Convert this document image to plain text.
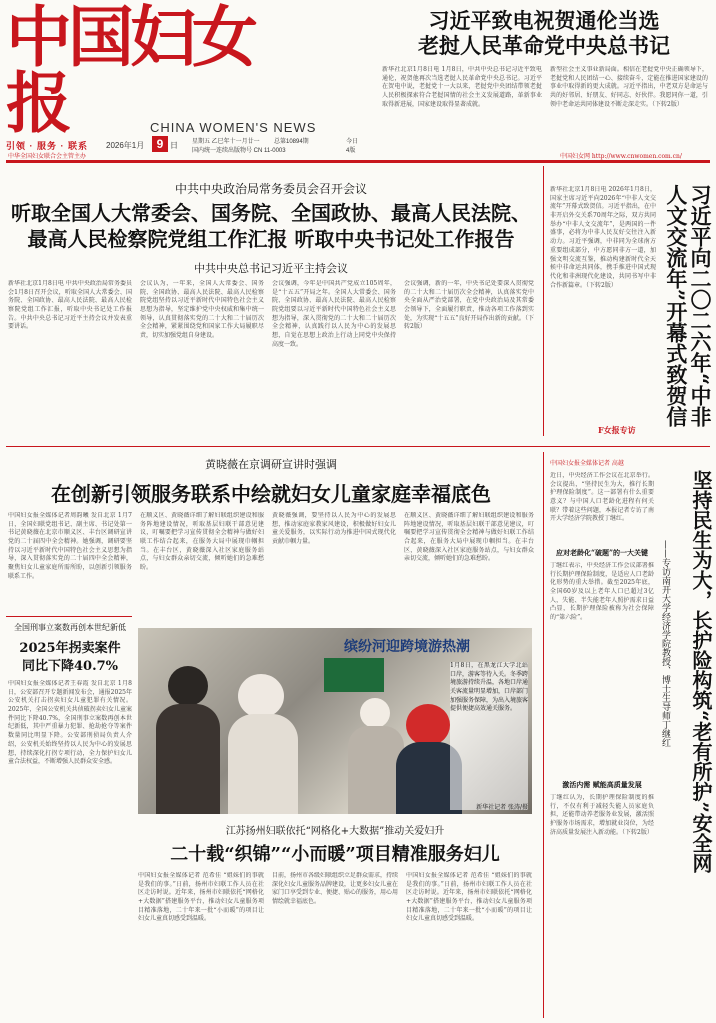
中国妇女报	CHINA WOMEN'S NEWS
引领 · 服务 · 联系 2026年1月	9 日 星期五 乙巳年十一月廿一 总第10894期
国内统一连续出版物号 CN 11-0003
今日
4版
习近平致电祝贺通伦当选
老挝人民革命党中央总书记
新华社北京1月8日电 1月8日，中共中央总书记习近平致电通伦，祝贺他再次当选老挝人民革命党中央总书记。习近平在贺电中说，老挝党十一大以来，老挝党中央团结带领老挝人民积极探索符合老挝国情的社会主义发展道路，革新事业取得新进展，国家建设取得显著成就。
新型社会主义事业新局面。相信在老挝党中央正确领导下，老挝党和人民团结一心、接续奋斗，定能在推进国家建设的事业中取得新的更大成就。习近平指出，中老双方是命运与共的好邻居、好朋友、好同志、好伙伴。我愿同你一道，引领中老命运共同体建设不断走深走实。（下转2版）
中华全国妇女联合会主管主办	中国妇女网 http://www.cnwomen.com.cn/
中共中央政治局常务委员会召开会议
听取全国人大常委会、国务院、全国政协、最高人民法院、
最高人民检察院党组工作汇报 听取中央书记处工作报告
中共中央总书记习近平主持会议
新华社北京1月8日电 中共中央政治局常务委员会1月8日召开会议，听取全国人大常委会、国务院、全国政协、最高人民法院、最高人民检察院党组工作汇报，听取中央书记处工作报告。中共中央总书记习近平主持会议并发表重要讲话。
会议认为，一年来，全国人大常委会、国务院、全国政协、最高人民法院、最高人民检察院党组坚持以习近平新时代中国特色社会主义思想为指导，坚定维护党中央权威和集中统一领导，认真贯彻落实党的二十大和二十届历次全会精神，紧紧围绕党和国家工作大局履职尽责，切实加强党组自身建设。
会议强调，今年是中国共产党成立105周年，是“十五五”开局之年。全国人大常委会、国务院、全国政协、最高人民法院、最高人民检察院党组要以习近平新时代中国特色社会主义思想为指导，深入贯彻党的二十大和二十届历次全会精神，认真践行以人民为中心的发展思想，自觉在思想上政治上行动上同党中央保持高度一致。
会议强调，新的一年，中央书记处要深入贯彻党的二十大和二十届历次全会精神，认真落实党中央全面从严治党部署，在党中央政治局及其常委会领导下，全面履行职责，推动各项工作落到实处，为实现“十五五”良好开局作出新的贡献。（下转2版）
新华社北京1月8日电 2026年1月8日，国家主席习近平向2026年“中非人文交流年”开幕式致贺信。习近平指出，在中非开启外交关系70周年之际，双方共同举办“中非人文交流年”，是两国的一件盛事，必将为中非人民友好交往注入新动力。习近平强调，中非同为全球南方重要组成部分，中方愿同非方一道，加强文明交流互鉴，推动构建新时代全天候中非命运共同体，携手推进中国式现代化和非洲现代化建设，共同书写中非合作新篇章。（下转2版）	习近平向二〇二六年“中非人文交流年”开幕式致贺信
F女报专访
黄晓薇在京调研宣讲时强调
在创新引领服务联系中绘就妇女儿童家庭幸福底色
中国妇女报全媒体记者周韵曦 发自北京 1月7日，全国妇联党组书记、副主席、书记处第一书记黄晓薇在北京市顺义区、丰台区调研宣讲党的二十届四中全会精神。她强调，调研要坚持以习近平新时代中国特色社会主义思想为指导，深入贯彻落实党的二十届四中全会精神，聚焦妇女儿童家庭所需所盼，以创新引领服务联系工作。
在顺义区、黄晓薇详细了解妇联组织建设和服务阵地建设情况，听取基层妇联干部意见建议，叮嘱要把学习宣传贯彻全会精神与做好妇联工作结合起来，在服务大局中展现巾帼担当。在丰台区，黄晓薇深入社区家庭服务站点，与妇女群众亲切交流，倾听她们的急难愁盼。
黄晓薇强调，要坚持以人民为中心的发展思想，推动家庭家教家风建设，积极做好妇女儿童关爱服务，以实际行动为推进中国式现代化贡献巾帼力量。
在顺义区、黄晓薇详细了解妇联组织建设和服务阵地建设情况，听取基层妇联干部意见建议，叮嘱要把学习宣传贯彻全会精神与做好妇联工作结合起来，在服务大局中展现巾帼担当。在丰台区，黄晓薇深入社区家庭服务站点，与妇女群众亲切交流，倾听她们的急难愁盼。
全国刑事立案数再创本世纪新低
2025年拐卖案件
同比下降40.7%
中国妇女报全媒体记者王春霞 发自北京 1月8日，公安部召开专题新闻发布会，通报2025年公安机关打击拐卖妇女儿童犯罪有关情况。2025年，全国公安机关共侦破拐卖妇女儿童案件同比下降40.7%，全国刑事立案数再创本世纪新低，其中严重暴力犯罪、抢劫抢夺等案件数量同比明显下降。公安部刑侦局负责人介绍，公安机关始终坚持以人民为中心的发展思想，持续深化打拐专项行动，全力保护妇女儿童合法权益，不断增强人民群众安全感。
缤纷河迎跨境游热潮
1月8日，在黑龙江大学北站口岸，游客等待入关。冬季跨境旅游持续升温，各地口岸通关客流量明显增加，口岸部门加强服务保障，为出入境旅客提供便捷高效通关服务。
新华社记者 张涛/摄
江苏扬州妇联依托“网格化+大数据”推动关爱妇升
二十载“织锦”“小而暖”项目精准服务妇儿
中国妇女报全媒体记者 范希佳 “姐妹们的事就是我们的事。”日前，扬州市妇联工作人员在社区走访时说。近年来，扬州市妇联依托“网格化+大数据”搭建服务平台，推动妇女儿童服务项目精准落地，二十年来一批“小而暖”的项目让妇女儿童真切感受到温暖。
目前，扬州市各级妇联组织立足群众需求，持续深化妇女儿童服务品牌建设，让更多妇女儿童在家门口享受到专业、便捷、贴心的服务，用心用情绘就幸福底色。
中国妇女报全媒体记者 范希佳 “姐妹们的事就是我们的事。”日前，扬州市妇联工作人员在社区走访时说。近年来，扬州市妇联依托“网格化+大数据”搭建服务平台，推动妇女儿童服务项目精准落地，二十年来一批“小而暖”的项目让妇女儿童真切感受到温暖。
中国妇女报全媒体记者 高越
坚持民生为大，长护险构筑“老有所护”安全网
——专访南开大学经济学院教授、博士生导师丁继红
近日，中央经济工作会议在北京举行。会议提出，“坚持民生为大，推行长期护理保险制度”。这一部署有什么重要意义？与中国人口老龄化进程有何关联？带着这些问题，本报记者专访了南开大学经济学院教授丁继红。
应对老龄化“破题”的一大关键
丁继红表示，中央经济工作会议部署推行长期护理保险制度，是适应人口老龄化形势的重大举措。截至2025年底，全国60岁及以上老年人口已超过3亿人，失能、半失能老年人照护需求日益凸显，长期护理保险被称为社会保障的“第六险”。
激活内需 赋能高质量发展
丁继红认为，长期护理保险制度的推行，不仅有利于减轻失能人员家庭负担，还能带动养老服务业发展，激活照护服务市场需求，增加就业岗位，为经济高质量发展注入新动能。（下转2版）
